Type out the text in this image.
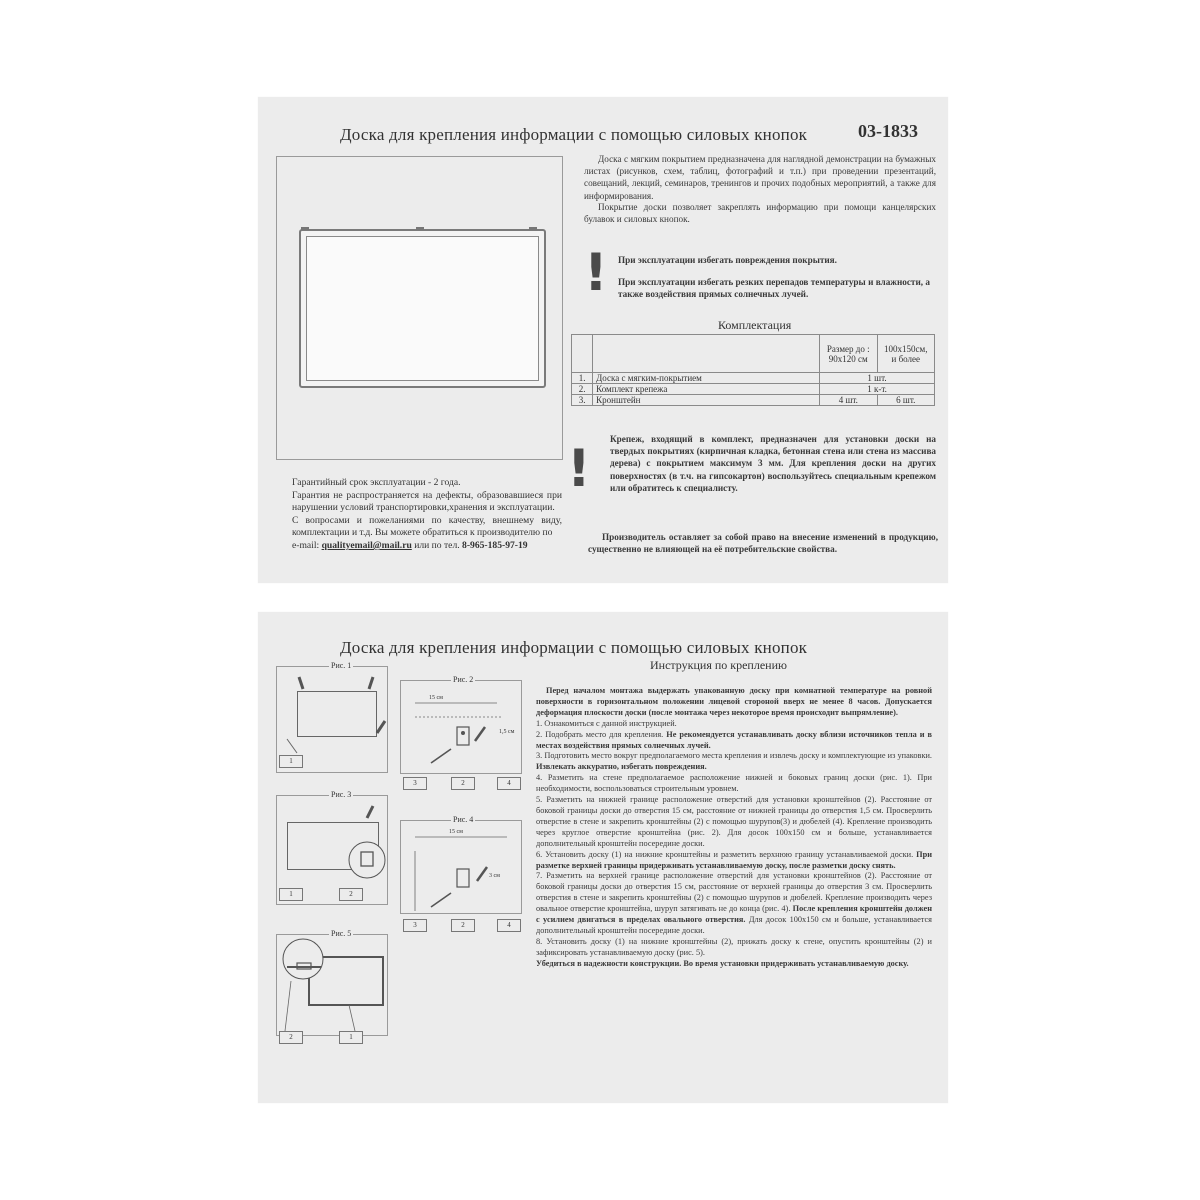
Доска для крепления информации с помощью силовых кнопок	03-1833
Доска с мягким покрытием предназначена для наглядной демонстрации на бумажных листах (рисунков, схем, таблиц, фотографий и т.п.) при проведении презентаций, совещаний, лекций, семинаров, тренингов и прочих подобных мероприятий, а также для информирования.
Покрытие доски позволяет закреплять информацию при помощи канцелярских булавок и силовых кнопок.
! При эксплуатации избегать повреждения покрытия.
При эксплуатации избегать резких перепадов температуры и влажности, а также воздействия прямых солнечных лучей.
Комплектация
		Размер до : 90x120 см	100x150см, и более
1.	Доска с мягким-покрытием	1 шт.	
2.	Комплект крепежа	1 к-т.	
3.	Кронштейн	4 шт.	6 шт.
! Крепеж, входящий в комплект, предназначен для установки доски на твердых покрытиях (кирпичная кладка, бетонная стена или стена из массива дерева) с покрытием максимум 3 мм. Для крепления доски на других поверхностях (в т.ч. на гипсокартон) воспользуйтесь специальным крепежом или обратитесь к специалисту.
Производитель оставляет за собой право на внесение изменений в продукцию, существенно не влияющей на её потребительские свойства.
Гарантийный срок эксплуатации - 2 года.
Гарантия не распространяется на дефекты, образовавшиеся при нарушении условий транспортировки,хранения и эксплуатации.
С вопросами и пожеланиями по качеству, внешнему виду, комплектации и т.д. Вы можете обратиться к производителю по
e-mail: qualityemail@mail.ru или по тел. 8-965-185-97-19
Доска для крепления информации с помощью силовых кнопок
Инструкция по креплению
Рис. 1
1
Рис. 2
15 см
1,5 см
3	2	4
Рис. 3
1	2
Рис. 4
15 см
3 см
3	2	4
Рис. 5
2	1

Перед началом монтажа выдержать упакованную доску при комнатной температуре на ровной поверхности в горизонтальном положении лицевой стороной вверх не менее 8 часов. Допускается деформация плоскости доски (после монтажа через некоторое время происходит выпрямление).

1. Ознакомиться с данной инструкцией.

2. Подобрать место для крепления. Не рекомендуется устанавливать доску вблизи источников тепла и в местах воздействия прямых солнечных лучей.

3. Подготовить место вокруг предполагаемого места крепления и извлечь доску и комплектующие из упаковки. Извлекать аккуратно, избегать повреждения.

4. Разметить на стене предполагаемое расположение нижней и боковых границ доски (рис. 1). При необходимости, воспользоваться строительным уровнем.

5. Разметить на нижней границе расположение отверстий для установки кронштейнов (2). Расстояние от боковой границы доски до отверстия 15 см, расстояние от нижней границы до отверстия 1,5 см. Просверлить отверстие в стене и закрепить кронштейны (2) с помощью шурупов(3) и дюбелей (4). Крепление производить через круглое отверстие кронштейна (рис. 2). Для досок 100x150 см и больше, устанавливается дополнительный кронштейн посередине доски.

6. Установить доску (1) на нижние кронштейны и разметить верхнюю границу устанавливаемой доски. При разметке верхней границы придерживать устанавливаемую доску, после разметки доску снять.

7. Разметить на верхней границе расположение отверстий для установки кронштейнов (2). Расстояние от боковой границы доски до отверстия 15 см, расстояние от верхней границы до отверстия 3 см. Просверлить отверстия в стене и закрепить кронштейны (2) с помощью шурупов и дюбелей. Крепление производить через овальное отверстие кронштейна, шуруп затягивать не до конца (рис. 4). После крепления кронштейн должен с усилием двигаться в пределах овального отверстия. Для досок 100x150 см и больше, устанавливается дополнительный кронштейн посередине доски.

8. Установить доску (1) на нижние кронштейны (2), прижать доску к стене, опустить кронштейны (2) и зафиксировать устанавливаемую доску (рис. 5).

Убедиться в надежности конструкции. Во время установки придерживать устанавливаемую доску.
